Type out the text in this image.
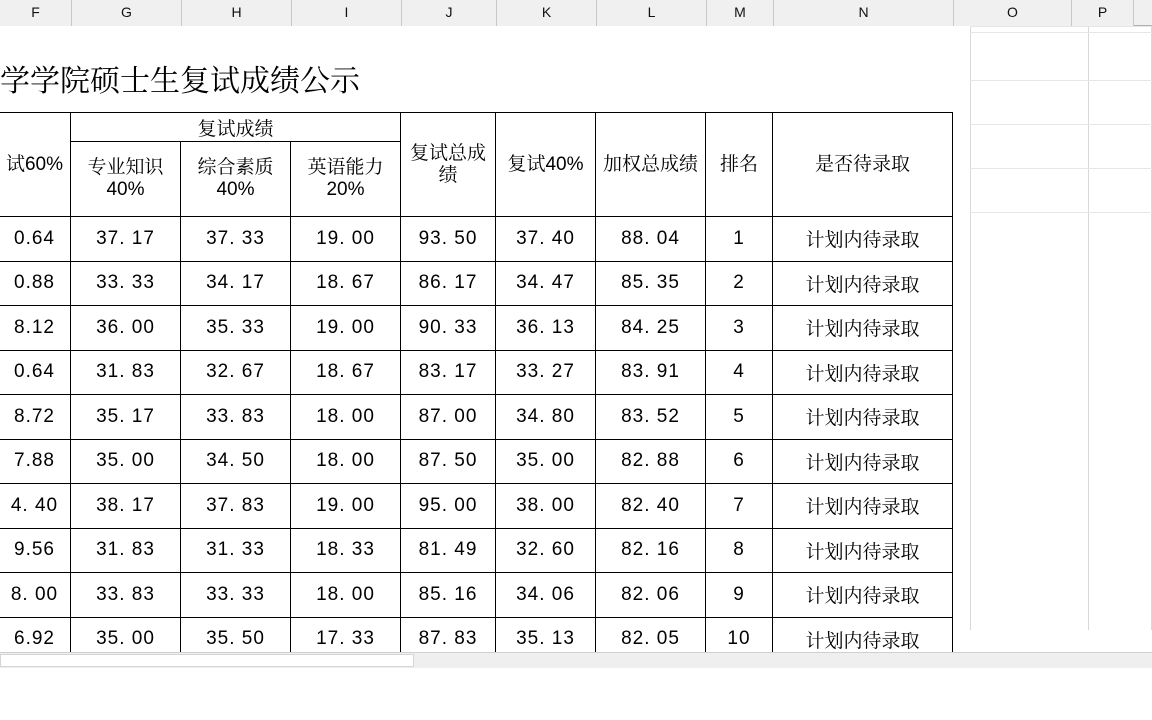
F	G	H	I	J	K	L	M	N	O	P
学学院硕士生复试成绩公示
试60%	复试成绩			复试总成绩	复试40%	加权总成绩	排名	是否待录取
	专业知识40%	综合素质40%	英语能力20%					
0.64	37. 17	37. 33	19. 00	93. 50	37. 40	88. 04	1	计划内待录取
0.88	33. 33	34. 17	18. 67	86. 17	34. 47	85. 35	2	计划内待录取
8.12	36. 00	35. 33	19. 00	90. 33	36. 13	84. 25	3	计划内待录取
0.64	31. 83	32. 67	18. 67	83. 17	33. 27	83. 91	4	计划内待录取
8.72	35. 17	33. 83	18. 00	87. 00	34. 80	83. 52	5	计划内待录取
7.88	35. 00	34. 50	18. 00	87. 50	35. 00	82. 88	6	计划内待录取
4. 40	38. 17	37. 83	19. 00	95. 00	38. 00	82. 40	7	计划内待录取
9.56	31. 83	31. 33	18. 33	81. 49	32. 60	82. 16	8	计划内待录取
8. 00	33. 83	33. 33	18. 00	85. 16	34. 06	82. 06	9	计划内待录取
6.92	35. 00	35. 50	17. 33	87. 83	35. 13	82. 05	10	计划内待录取
